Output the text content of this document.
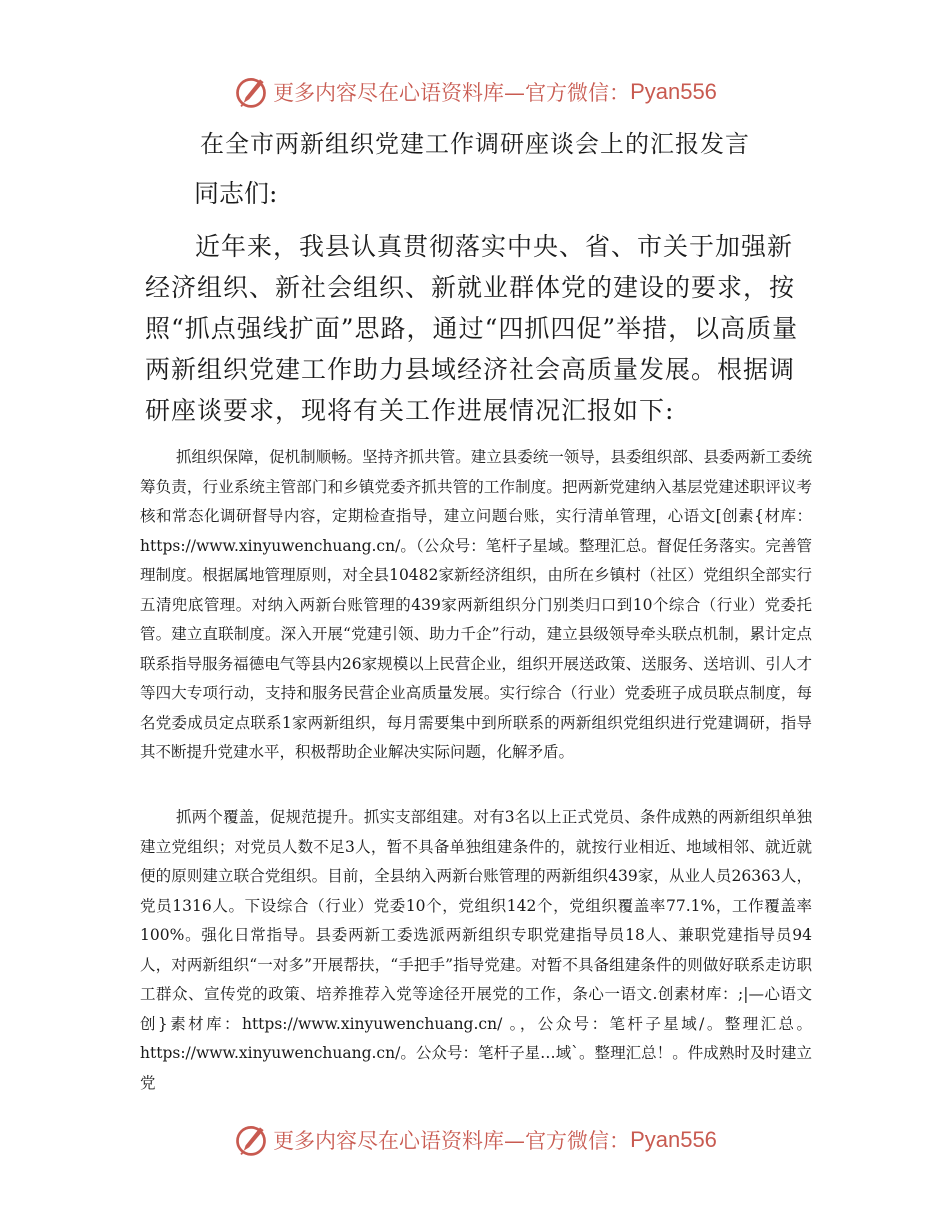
更多内容尽在心语资料库— 官方微信： Pyan556
在全市两新组织党建工作调研座谈会上的汇报发言
同志们:

近年来，我县认真贯彻落实中央、省、市关于加强新经济组织、新社会组织、新就业群体党的建设的要求，按照“抓点强线扩面”思路，通过“四抓四促”举措，以高质量两新组织党建工作助力县域经济社会高质量发展。根据调研座谈要求，现将有关工作进展情况汇报如下:

抓组织保障，促机制顺畅。坚持齐抓共管。建立县委统一领导，县委组织部、县委两新工委统筹负责，行业系统主管部门和乡镇党委齐抓共管的工作制度。把两新党建纳入基层党建述职评议考核和常态化调研督导内容，定期检查指导，建立问题台账，实行清单管理，心语文[创素{材库：https://www.xinyuwenchuang.cn/。（公众号：笔杆子星域。整理汇总。督促任务落实。完善管理制度。根据属地管理原则，对全县10482家新经济组织，由所在乡镇村（社区）党组织全部实行五清兜底管理。对纳入两新台账管理的439家两新组织分门别类归口到10个综合（行业）党委托管。建立直联制度。深入开展“党建引领、助力千企”行动，建立县级领导牵头联点机制，累计定点联系指导服务福德电气等县内26家规模以上民营企业，组织开展送政策、送服务、送培训、引人才等四大专项行动，支持和服务民营企业高质量发展。实行综合（行业）党委班子成员联点制度，每名党委成员定点联系1家两新组织，每月需要集中到所联系的两新组织党组织进行党建调研，指导其不断提升党建水平，积极帮助企业解决实际问题，化解矛盾。

抓两个覆盖，促规范提升。抓实支部组建。对有3名以上正式党员、条件成熟的两新组织单独建立党组织；对党员人数不足3人，暂不具备单独组建条件的，就按行业相近、地域相邻、就近就便的原则建立联合党组织。目前，全县纳入两新台账管理的两新组织439家，从业人员26363人，党员1316人。下设综合（行业）党委10个，党组织142个，党组织覆盖率77.1%，工作覆盖率100%。强化日常指导。县委两新工委选派两新组织专职党建指导员18人、兼职党建指导员94人，对两新组织“一对多”开展帮扶，“手把手”指导党建。对暂不具备组建条件的则做好联系走访职工群众、宣传党的政策、培养推荐入党等途径开展党的工作，条心一语文.创素材库：;|—心语文创}素材库：https://www.xinyuwenchuang.cn/ 。，公众号：笔杆子星域/。整理汇总。https://www.xinyuwenchuang.cn/。公众号：笔杆子星…域`。整理汇总！。件成熟时及时建立党

更多内容尽在心语资料库— 官方微信： Pyan556
